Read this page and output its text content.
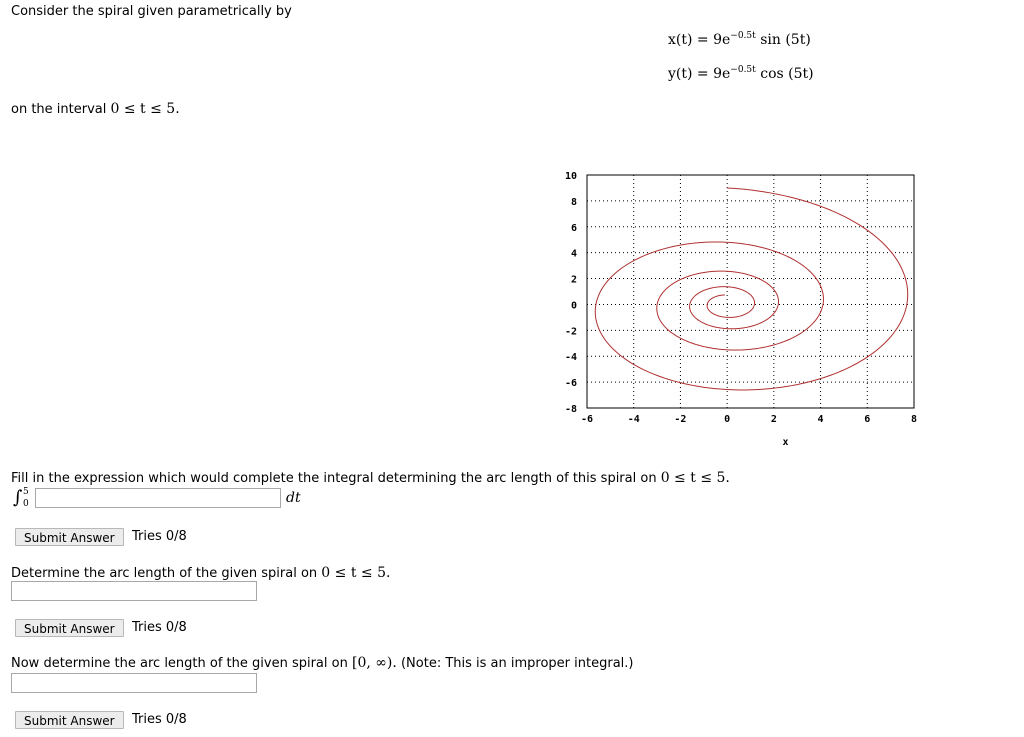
Consider the spiral given parametrically by
$x(t) = 9e^{-0.5t}$ sin (5t)
$y(t) = 9e^{-0.5t}$ cos (5t)
on the interval 0 ≤ t ≤ 5.
-6	-4	-2	0	2	4	6	8
10
8
6
4
2
0
-2
-4
-6
-8
x
Fill in the expression which would complete the integral determining the arc length of this spiral on 0 ≤ t ≤ 5.
∫ 5
0	dt
Submit Answer	Tries 0/8
Determine the arc length of the given spiral on 0 ≤ t ≤ 5.
Submit Answer	Tries 0/8
Now determine the arc length of the given spiral on [0, ∞). (Note: This is an improper integral.)
Submit Answer	Tries 0/8
